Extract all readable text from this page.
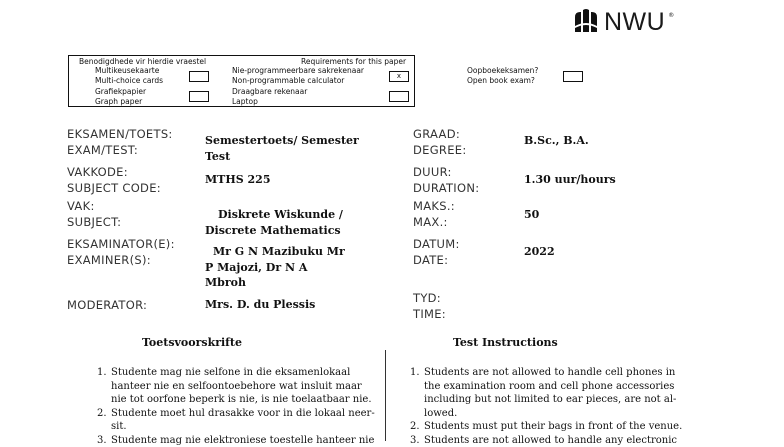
NWU ®
Benodigdhede vir hierdie vraestel	Requirements for this paper
Multikeusekaarte
Multi-choice cards
Grafiekpapier
Graph paper
Nie-programmeerbare sakrekenaar
Non-programmable calculator	x
Draagbare rekenaar
Laptop
Oopboekeksamen?
Open book exam?
EKSAMEN/TOETS:
EXAM/TEST:
Semestertoets/ Semester
Test
VAKKODE:
SUBJECT CODE:
MTHS 225
VAK:
SUBJECT:	Diskrete Wiskunde /
Discrete Mathematics
EKSAMINATOR(E):
EXAMINER(S):
Mr G N Mazibuku Mr
P Majozi, Dr N A
Mbroh
MODERATOR:	Mrs. D. du Plessis
GRAAD:
DEGREE:
B.Sc., B.A.
DUUR:
DURATION:
1.30 uur/hours
MAKS.:
MAX.:	50
DATUM:
DATE:
2022
TYD:
TIME:
Toetsvoorskrifte	Test Instructions
1. Studente mag nie selfone in die eksamenlokaal
hanteer nie en selfoontoebehore wat insluit maar
nie tot oorfone beperk is nie, is nie toelaatbaar nie.
2. Studente moet hul drasakke voor in die lokaal neer-
sit.
3. Studente mag nie elektroniese toestelle hanteer nie
1. Students are not allowed to handle cell phones in
the examination room and cell phone accessories
including but not limited to ear pieces, are not al-
lowed.
2. Students must put their bags in front of the venue.
3. Students are not allowed to handle any electronic
